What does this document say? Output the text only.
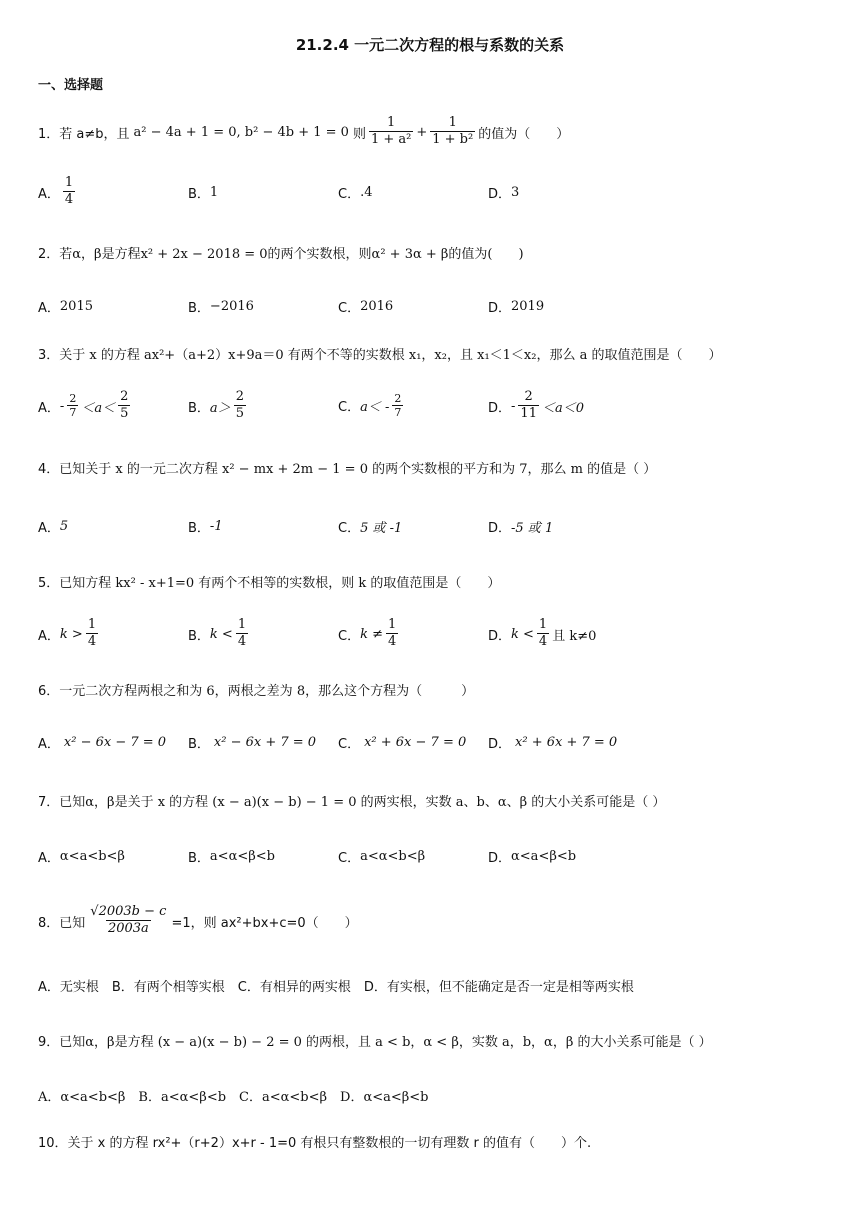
21.2.4 一元二次方程的根与系数的关系
一、选择题
1． 若 a≠b，且 a² − 4a + 1 = 0, b² − 4b + 1 = 0 则 $\frac{1}{\text{1 + a²}} + \frac{1}{\text{1 + b²}}$ 的值为（　　）
A． $\frac{1}{4}$	B． 1	C． .4	D． 3
2． 若α，β是方程x² + 2x − 2018 = 0的两个实数根，则α² + 3α + β的值为(　　)
A． 2015	B． −2016	C． 2016	D． 2019
3． 关于 x 的方程 ax²+（a+2）x+9a＝0 有两个不等的实数根 x₁，x₂，且 x₁＜1＜x₂，那么 a 的取值范围是（　　）
A． - $\frac{2}{7} <a< \frac{2}{5}$	B． $a> \frac{2}{5}$	C． $a< - \frac{2}{7}$	D． - $\frac{2}{11} <a<0$
4． 已知关于 x 的一元二次方程 x² − mx + 2m − 1 = 0 的两个实数根的平方和为 7，那么 m 的值是（ ）
A． 5	B． -1	C． 5 或 -1	D． -5 或 1
5． 已知方程 kx² - x+1=0 有两个不相等的实数根，则 k 的取值范围是（　　）
A． $k > \frac{1}{4}$	B． $k < \frac{1}{4}$	C． $k \ne \frac{1}{4}$	D． $k < \frac{1}{4}$ 且 k≠0
6． 一元二次方程两根之和为 6，两根之差为 8，那么这个方程为（　　　）
A． x² − 6x − 7 = 0 B． x² − 6x + 7 = 0 C． x² + 6x − 7 = 0 D． x² + 6x + 7 = 0
7． 已知α，β是关于 x 的方程 (x − a)(x − b) − 1 = 0 的两实根，实数 a、b、α、β 的大小关系可能是（ ）
A． α<a<b<β	B． a<α<β<b	C． a<α<b<β	D． α<a<β<b
8． 已知 $\frac{√2003b - c}{2003a} =1$，则 ax²+bx+c=0（　　）
A．无实根　B．有两个相等实根　C．有相异的两实根　D．有实根，但不能确定是否一定是相等两实根
9． 已知α，β是方程 (x − a)(x − b) − 2 = 0 的两根，且 a < b，α < β，实数 a，b，α，β 的大小关系可能是（ ）
A．α<a<b<β　B．a<α<β<b　C．a<α<b<β　D．α<a<β<b
10． 关于 x 的方程 rx²+（r+2）x+r - 1=0 有根只有整数根的一切有理数 r 的值有（　　）个.
